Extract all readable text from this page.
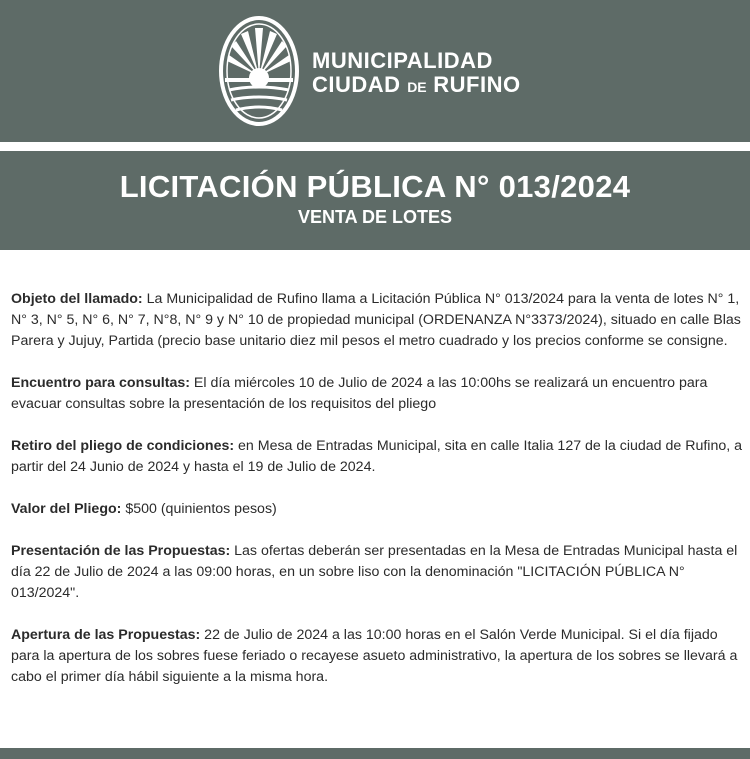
MUNICIPALIDAD
CIUDAD DE RUFINO
LICITACIÓN PÚBLICA N° 013/2024
VENTA DE LOTES

Objeto del llamado: La Municipalidad de Rufino llama a Licitación Pública N° 013/2024 para la venta de lotes N° 1, N° 3, N° 5, N° 6, N° 7, N°8, N° 9 y N° 10 de propiedad municipal (ORDENANZA N°3373/2024), situado en calle Blas Parera y Jujuy, Partida (precio base unitario diez mil pesos el metro cuadrado y los precios conforme se consigne.

Encuentro para consultas: El día miércoles 10 de Julio de 2024 a las 10:00hs se realizará un encuentro para evacuar consultas sobre la presentación de los requisitos del pliego

Retiro del pliego de condiciones: en Mesa de Entradas Municipal, sita en calle Italia 127 de la ciudad de Rufino, a partir del 24 Junio de 2024 y hasta el 19 de Julio de 2024.

Valor del Pliego: $500 (quinientos pesos)

Presentación de las Propuestas: Las ofertas deberán ser presentadas en la Mesa de Entradas Municipal hasta el día 22 de Julio de 2024 a las 09:00 horas, en un sobre liso con la denominación "LICITACIÓN PÚBLICA N° 013/2024".

Apertura de las Propuestas: 22 de Julio de 2024 a las 10:00 horas en el Salón Verde Municipal. Si el día fijado para la apertura de los sobres fuese feriado o recayese asueto administrativo, la apertura de los sobres se llevará a cabo el primer día hábil siguiente a la misma hora.
